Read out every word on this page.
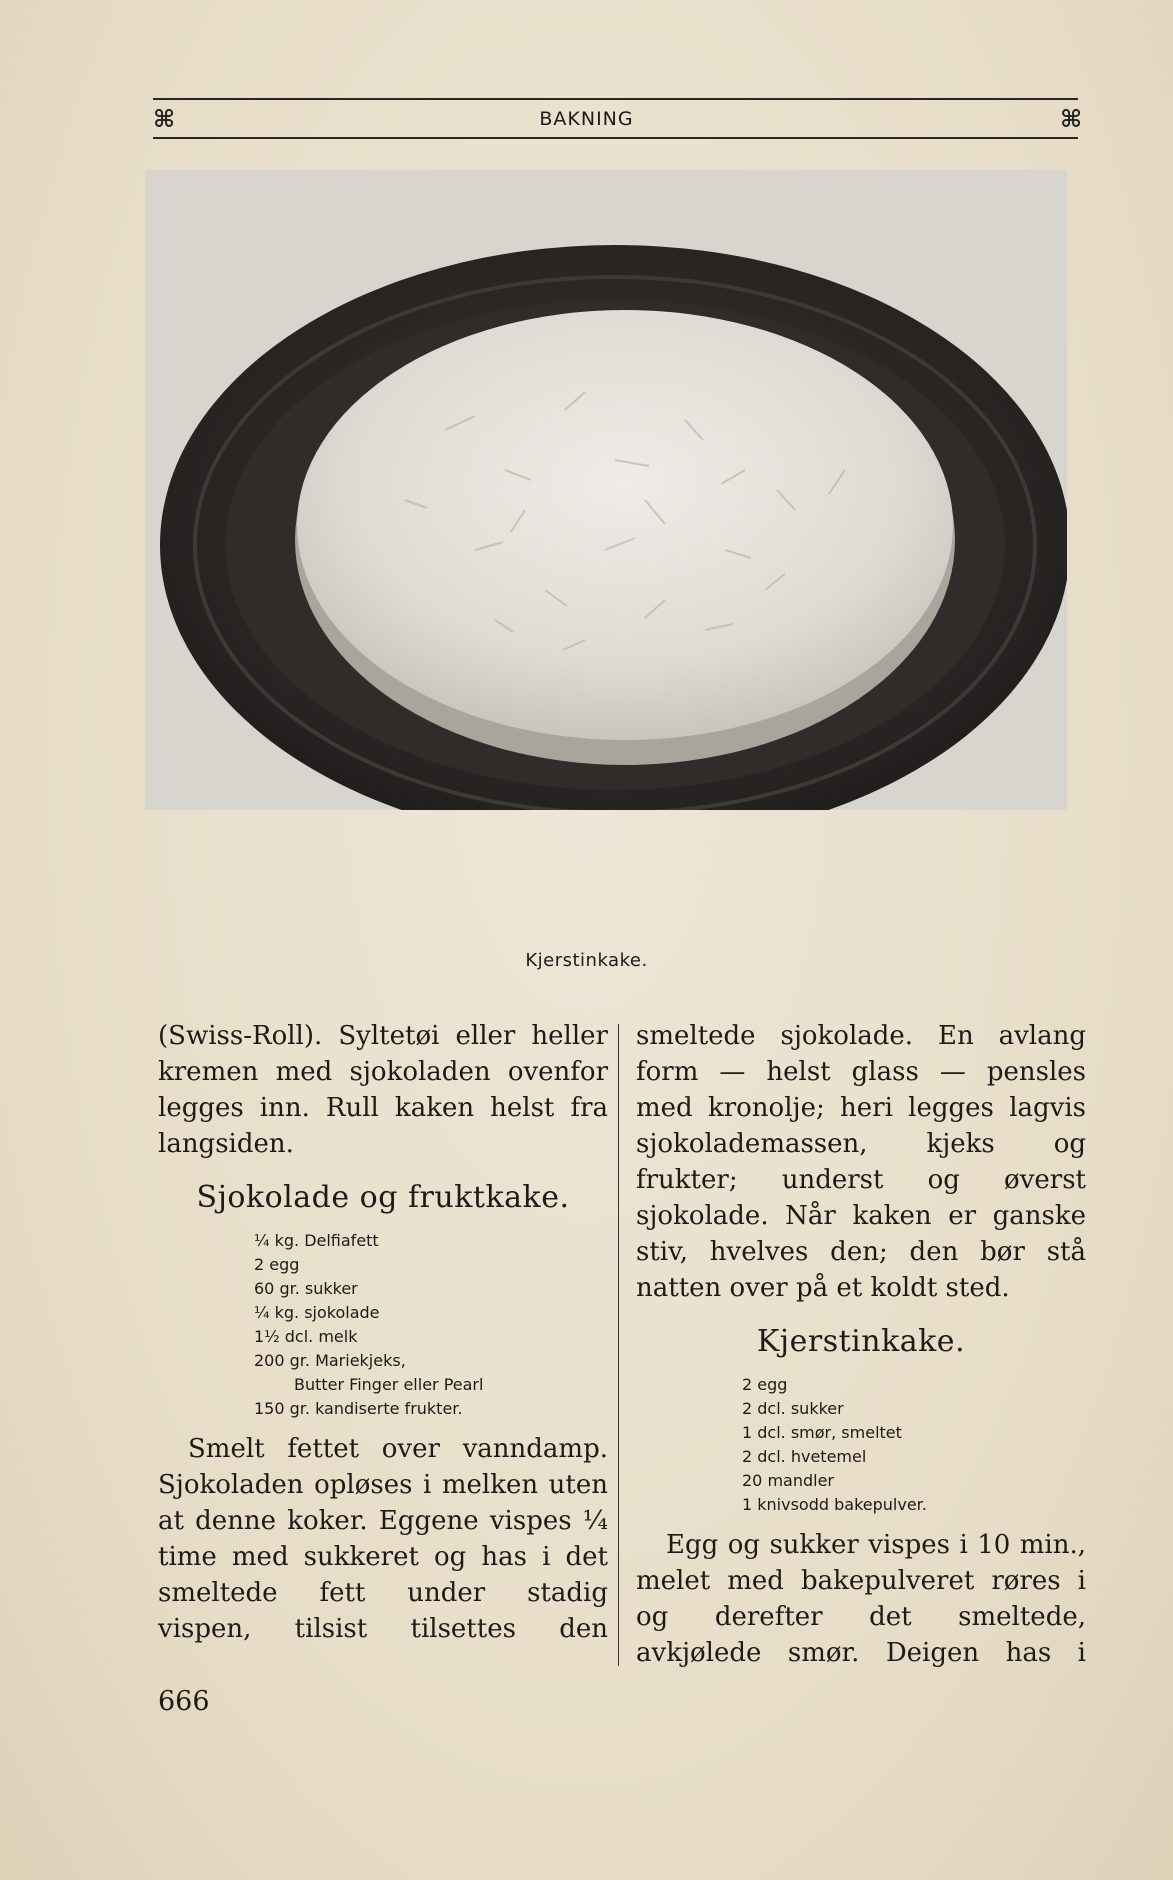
⌘	BAKNING	⌘
Kjerstinkake.

(Swiss-Roll). Syltetøi eller heller kremen med sjokoladen ovenfor legges inn. Rull kaken helst fra langsiden.

Sjokolade og fruktkake.
¼ kg. Delfiafett
2 egg
60 gr. sukker
¼ kg. sjokolade
1½ dcl. melk
200 gr. Mariekjeks,
Butter Finger eller Pearl
150 gr. kandiserte frukter.

Smelt fettet over vanndamp. Sjokoladen opløses i melken uten at denne koker. Eggene vispes ¼ time med sukkeret og has i det smeltede fett under stadig vispen, tilsist tilsettes den

smeltede sjokolade. En avlang form — helst glass — pensles med kronolje; heri legges lagvis sjokolademassen, kjeks og frukter; underst og øverst sjokolade. Når kaken er ganske stiv, hvelves den; den bør stå natten over på et koldt sted.

Kjerstinkake.
2 egg
2 dcl. sukker
1 dcl. smør, smeltet
2 dcl. hvetemel
20 mandler
1 knivsodd bakepulver.

Egg og sukker vispes i 10 min., melet med bakepulveret røres i og derefter det smeltede, avkjølede smør. Deigen has i

666
